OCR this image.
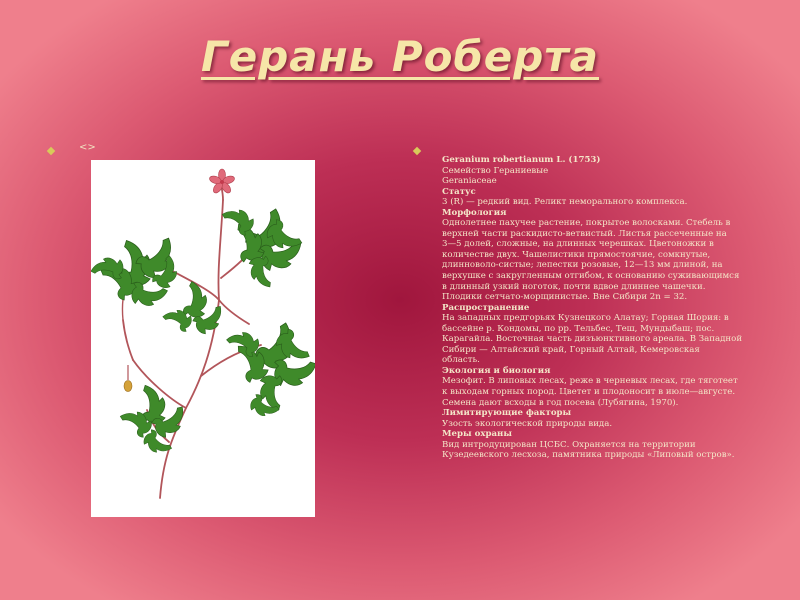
Герань Роберта
<>
Geranium robertianum L. (1753)
Семейство Гераниевые
Geraniaceae
Статус
3 (R) — редкий вид. Реликт неморального комплекса.
Морфология
Однолетнее пахучее растение, покрытое волосками. Стебель в
верхней части раскидисто-ветвистый. Листья рассеченные на
3—5 долей, сложные, на длинных черешках. Цветоножки в
количестве двух. Чашелистики прямостоячие, сомкнутые,
длинноволо-систые; лепестки розовые, 12—13 мм длиной, на
верхушке с закругленным отгибом, к основанию суживающимся
в длинный узкий ноготок, почти вдвое длиннее чашечки.
Плодики сетчато-морщинистые. Вне Сибири 2n = 32.
Распространение
На западных предгорьях Кузнецкого Алатау; Горная Шория: в
бассейне р. Кондомы, по рр. Тельбес, Теш, Мундыбаш; пос.
Карагайла. Восточная часть дизъюнктивного ареала. В Западной
Сибири — Алтайский край, Горный Алтай, Кемеровская
область.
Экология и биология
Мезофит. В липовых лесах, реже в черневых лесах, где тяготеет
к выходам горных пород. Цветет и плодоносит в июле—августе.
Семена дают всходы в год посева (Лубягина, 1970).
Лимитирующие факторы
Узость экологической природы вида.
Меры охраны
Вид интродуцирован ЦСБС. Охраняется на территории
Кузедеевского лесхоза, памятника природы «Липовый остров».
